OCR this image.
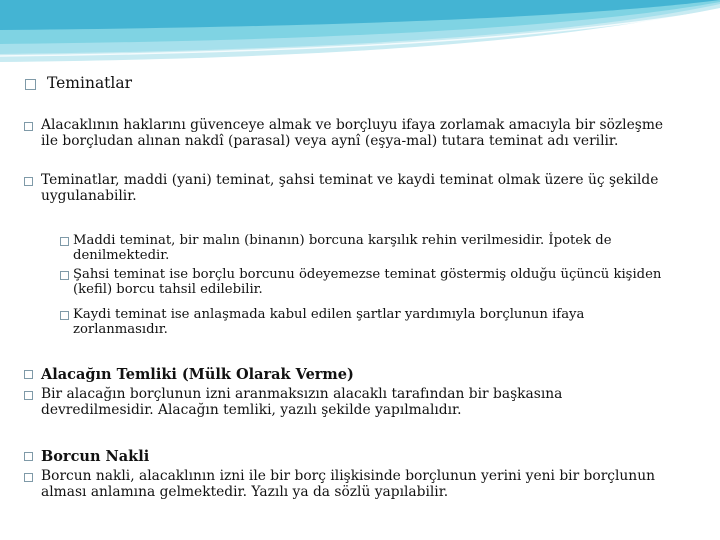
Teminatlar
Alacaklının haklarını güvenceye almak ve borçluyu ifaya zorlamak amacıyla bir sözleşme ile borçludan alınan nakdî (parasal) veya aynî (eşya-mal) tutara teminat adı verilir.
Teminatlar, maddi (yani) teminat, şahsi teminat ve kaydi teminat olmak üzere üç şekilde uygulanabilir.
Maddi teminat, bir malın (binanın) borcuna karşılık rehin verilmesidir. İpotek de denilmektedir.
Şahsi teminat ise borçlu borcunu ödeyemezse teminat göstermiş olduğu üçüncü kişiden (kefil) borcu tahsil edilebilir.
Kaydi teminat ise anlaşmada kabul edilen şartlar yardımıyla borçlunun ifaya zorlanmasıdır.
Alacağın Temliki (Mülk Olarak Verme)
Bir alacağın borçlunun izni aranmaksızın alacaklı tarafından bir başkasına devredilmesidir. Alacağın temliki, yazılı şekilde yapılmalıdır.
Borcun Nakli
Borcun nakli, alacaklının izni ile bir borç ilişkisinde borçlunun yerini yeni bir borçlunun alması anlamına gelmektedir. Yazılı ya da sözlü yapılabilir.
